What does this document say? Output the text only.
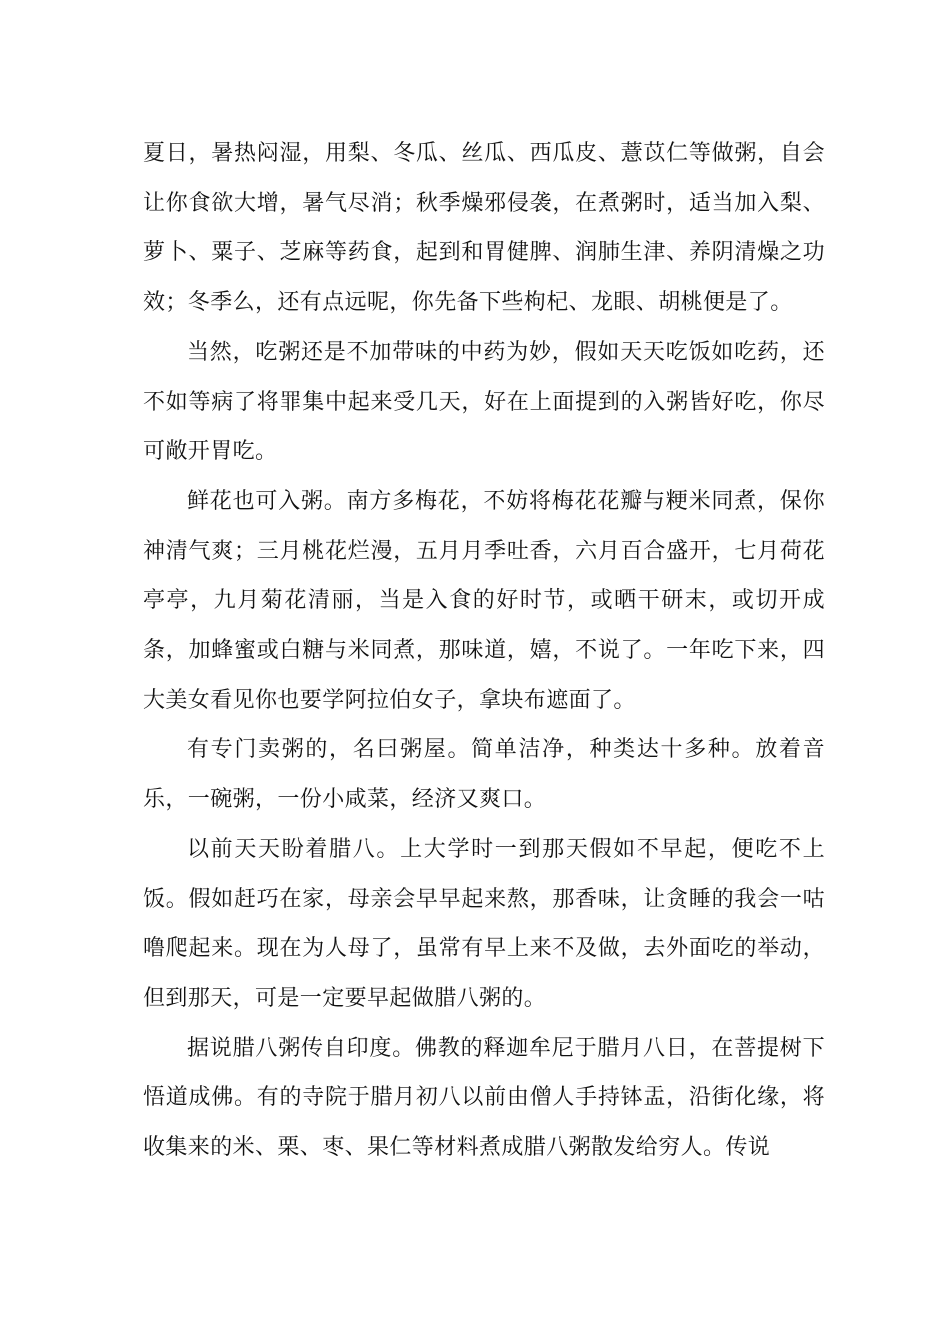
夏日，暑热闷湿，用梨、冬瓜、丝瓜、西瓜皮、薏苡仁等做粥，自会让你食欲大增，暑气尽消；秋季燥邪侵袭，在煮粥时，适当加入梨、萝卜、粟子、芝麻等药食，起到和胃健脾、润肺生津、养阴清燥之功效；冬季么，还有点远呢，你先备下些枸杞、龙眼、胡桃便是了。

当然，吃粥还是不加带味的中药为妙，假如天天吃饭如吃药，还不如等病了将罪集中起来受几天，好在上面提到的入粥皆好吃，你尽可敞开胃吃。

鲜花也可入粥。南方多梅花，不妨将梅花花瓣与粳米同煮，保你神清气爽；三月桃花烂漫，五月月季吐香，六月百合盛开，七月荷花亭亭，九月菊花清丽，当是入食的好时节，或晒干研末，或切开成条，加蜂蜜或白糖与米同煮，那味道，嬉，不说了。一年吃下来，四大美女看见你也要学阿拉伯女子，拿块布遮面了。

有专门卖粥的，名曰粥屋。简单洁净，种类达十多种。放着音乐，一碗粥，一份小咸菜，经济又爽口。

以前天天盼着腊八。上大学时一到那天假如不早起，便吃不上饭。假如赶巧在家，母亲会早早起来熬，那香味，让贪睡的我会一咕噜爬起来。现在为人母了，虽常有早上来不及做，去外面吃的举动，但到那天，可是一定要早起做腊八粥的。

据说腊八粥传自印度。佛教的释迦牟尼于腊月八日，在菩提树下悟道成佛。有的寺院于腊月初八以前由僧人手持钵盂，沿街化缘，将收集来的米、栗、枣、果仁等材料煮成腊八粥散发给穷人。传说
